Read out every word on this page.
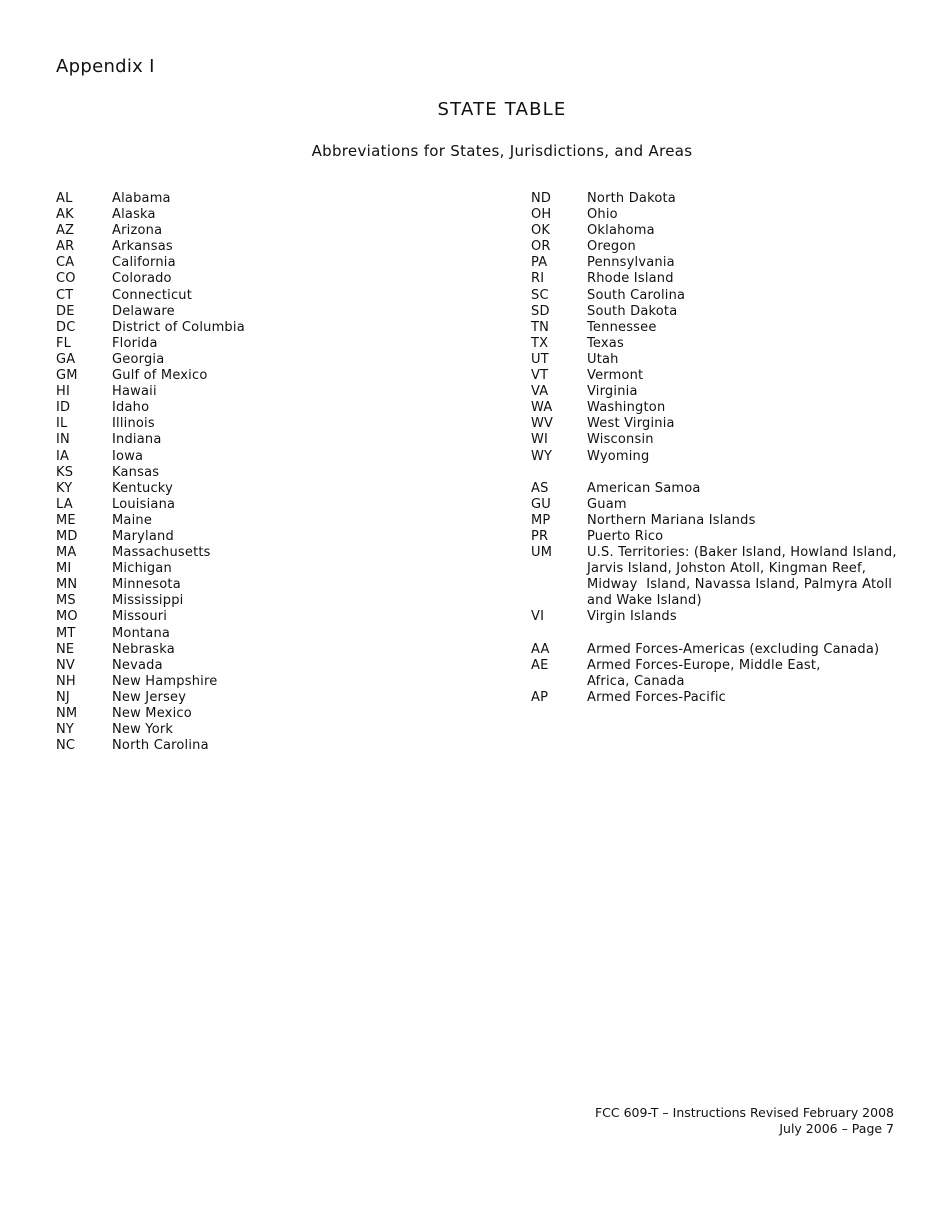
Appendix I
STATE TABLE
Abbreviations for States, Jurisdictions, and Areas
AL	Alabama
AK	Alaska
AZ	Arizona
AR	Arkansas
CA	California
CO	Colorado
CT	Connecticut
DE	Delaware
DC	District of Columbia
FL	Florida
GA	Georgia
GM	Gulf of Mexico
HI	Hawaii
ID	Idaho
IL	Illinois
IN	Indiana
IA	Iowa
KS	Kansas
KY	Kentucky
LA	Louisiana
ME	Maine
MD	Maryland
MA	Massachusetts
MI	Michigan
MN	Minnesota
MS	Mississippi
MO	Missouri
MT	Montana
NE	Nebraska
NV	Nevada
NH	New Hampshire
NJ	New Jersey
NM	New Mexico
NY	New York
NC	North Carolina
ND	North Dakota
OH	Ohio
OK	Oklahoma
OR	Oregon
PA	Pennsylvania
RI	Rhode Island
SC	South Carolina
SD	South Dakota
TN	Tennessee
TX	Texas
UT	Utah
VT	Vermont
VA	Virginia
WA	Washington
WV	West Virginia
WI	Wisconsin
WY	Wyoming
AS	American Samoa
GU	Guam
MP	Northern Mariana Islands
PR	Puerto Rico
UM	U.S. Territories: (Baker Island, Howland Island,
Jarvis Island, Johston Atoll, Kingman Reef,
Midway  Island, Navassa Island, Palmyra Atoll
and Wake Island)
VI	Virgin Islands
AA	Armed Forces-Americas (excluding Canada)
AE	Armed Forces-Europe, Middle East,
Africa, Canada
AP	Armed Forces-Pacific
FCC 609-T – Instructions Revised February 2008
July 2006 – Page 7
